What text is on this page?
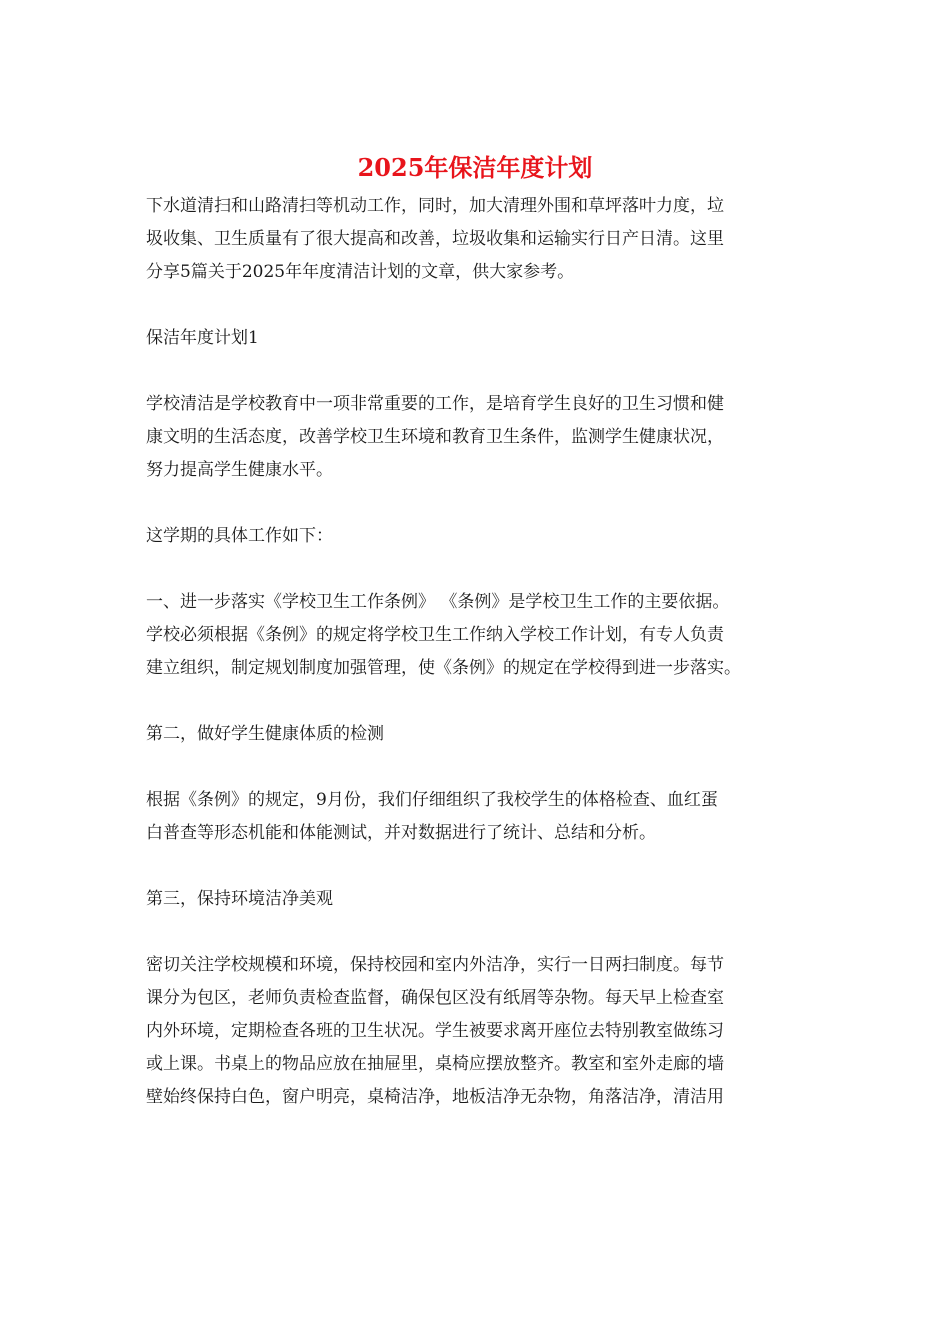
2025年保洁年度计划

下水道清扫和山路清扫等机动工作，同时，加大清理外围和草坪落叶力度，垃
圾收集、卫生质量有了很大提高和改善，垃圾收集和运输实行日产日清。这里
分享5篇关于2025年年度清洁计划的文章，供大家参考。

保洁年度计划1

学校清洁是学校教育中一项非常重要的工作，是培育学生良好的卫生习惯和健
康文明的生活态度，改善学校卫生环境和教育卫生条件，监测学生健康状况，
努力提高学生健康水平。

这学期的具体工作如下：

一、进一步落实《学校卫生工作条例》 《条例》是学校卫生工作的主要依据。
学校必须根据《条例》的规定将学校卫生工作纳入学校工作计划，有专人负责
建立组织，制定规划制度加强管理，使《条例》的规定在学校得到进一步落实。

第二，做好学生健康体质的检测

根据《条例》的规定，9月份，我们仔细组织了我校学生的体格检查、血红蛋
白普查等形态机能和体能测试，并对数据进行了统计、总结和分析。

第三，保持环境洁净美观

密切关注学校规模和环境，保持校园和室内外洁净，实行一日两扫制度。每节
课分为包区，老师负责检查监督，确保包区没有纸屑等杂物。每天早上检查室
内外环境，定期检查各班的卫生状况。学生被要求离开座位去特别教室做练习
或上课。书桌上的物品应放在抽屉里，桌椅应摆放整齐。教室和室外走廊的墙
壁始终保持白色，窗户明亮，桌椅洁净，地板洁净无杂物，角落洁净，清洁用
